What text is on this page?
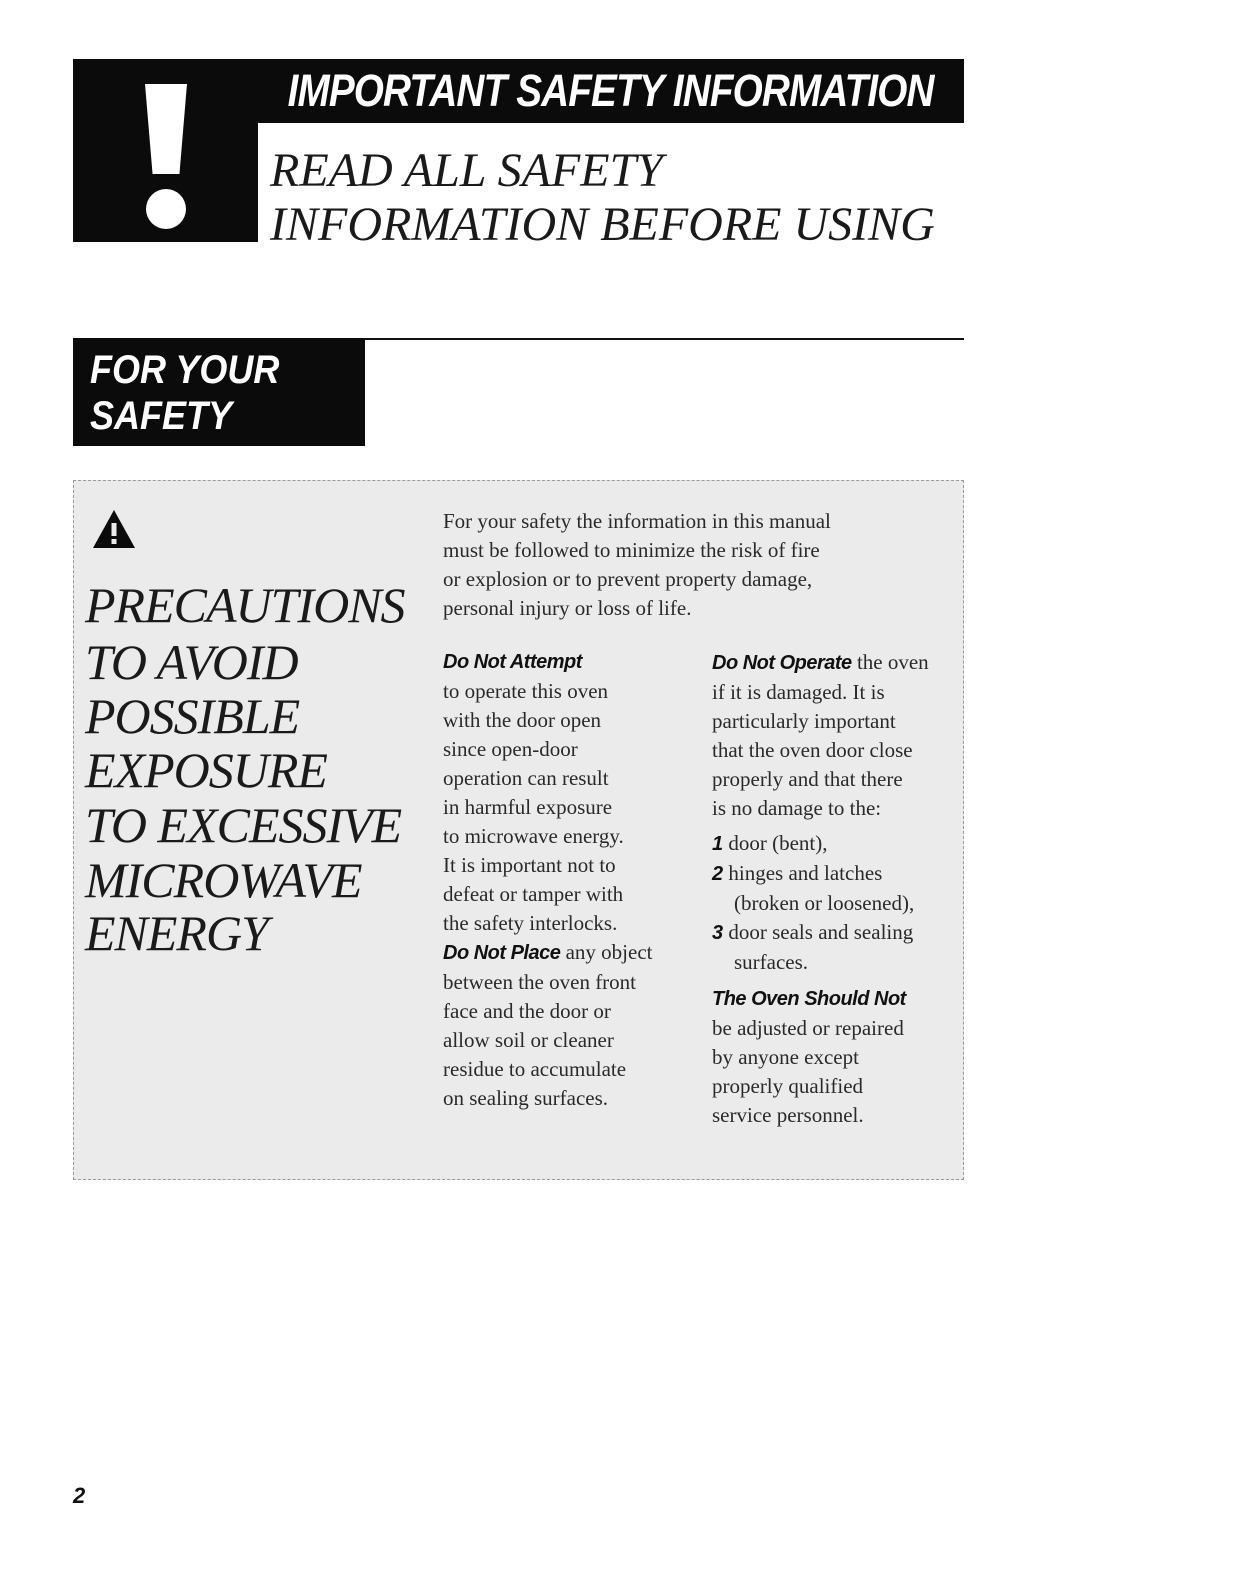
IMPORTANT SAFETY INFORMATION
READ ALL SAFETY
INFORMATION BEFORE USING
FOR YOUR
SAFETY
PRECAUTIONS
TO AVOID
POSSIBLE
EXPOSURE
TO EXCESSIVE
MICROWAVE
ENERGY
For your safety the information in this manual
must be followed to minimize the risk of fire
or explosion or to prevent property damage,
personal injury or loss of life.
Do Not Attempt
to operate this oven
with the door open
since open-door
operation can result
in harmful exposure
to microwave energy.
It is important not to
defeat or tamper with
the safety interlocks.
Do Not Place any object
between the oven front
face and the door or
allow soil or cleaner
residue to accumulate
on sealing surfaces.
Do Not Operate the oven
if it is damaged. It is
particularly important
that the oven door close
properly and that there
is no damage to the:
1 door (bent),
2 hinges and latches
(broken or loosened),
3 door seals and sealing
surfaces.
The Oven Should Not
be adjusted or repaired
by anyone except
properly qualified
service personnel.
2
